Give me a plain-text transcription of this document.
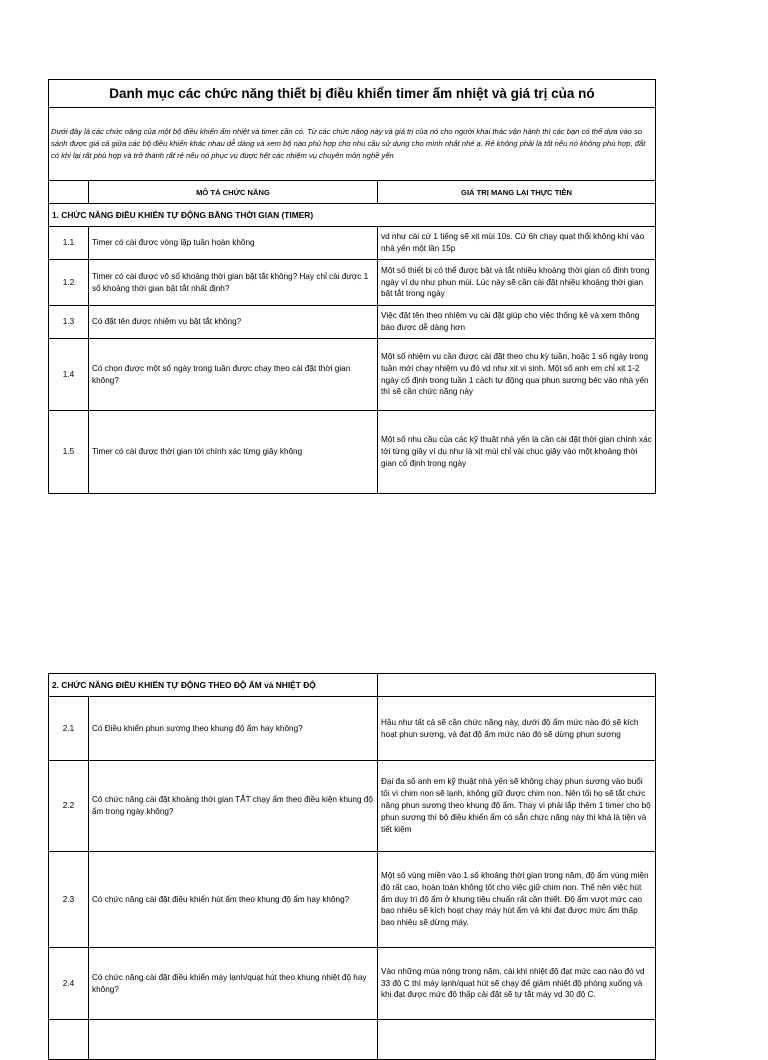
Danh mục các chức năng thiết bị điều khiển timer ấm nhiệt và giá trị của nó		
Dưới đây là các chức năng của một bộ điều khiển ẩm nhiệt và timer cần có. Từ các chức năng này và giá trị của nó cho người khai thác vận hành thì các bạn có thể dựa vào so sánh được giá cả giữa các bộ điều khiển khác nhau dễ dàng và xem bộ nào phù hợp cho nhu cầu sử dụng cho mình nhất nhé ạ. Rẻ không phải là tốt nếu nó không phù hợp, đắt có khi lại rất phù hợp và trở thành rất rẻ nếu nó phục vụ được hết các nhiệm vụ chuyên môn nghề yến		
	MÔ TẢ CHỨC NĂNG	GIÁ TRỊ MANG LẠI THỰC TIỄN
1. CHỨC NĂNG ĐIỀU KHIỂN TỰ ĐỘNG BẰNG THỜI GIAN (TIMER)		
1.1	Timer có cài được vòng lặp tuần hoàn không	vd như cài cứ 1 tiếng sẽ xịt mùi 10s. Cứ 6h chạy quạt thổi không khí vào nhà yến một lần 15p
1.2	Timer có cài được vô số khoảng thời gian bật tắt không? Hay chỉ cài được 1 số khoảng thời gian bật tắt nhất định?	Một số thiết bị có thể được bật và tắt nhiều khoảng thời gian cố định trong ngày ví dụ như phun mùi. Lúc này sẽ cần cài đặt nhiều khoảng thời gian bật tắt trong ngày
1.3	Có đặt tên được nhiệm vụ bật tắt không?	Việc đặt tên theo nhiệm vụ cài đặt giúp cho việc thống kê và xem thông báo được dễ dàng hơn
1.4	Có chọn được một số ngày trong tuần được chạy theo cài đặt thời gian không?	Một số nhiệm vụ cần được cài đặt theo chu kỳ tuần, hoặc 1 số ngày trong tuần mới chạy nhiệm vụ đó vd như xịt vi sinh. Một số anh em chỉ xịt 1-2 ngày cố định trong tuần 1 cách tự động qua phun sương béc vào nhà yến thì sẽ cần chức năng này
1.5	Timer có cài được thời gian tới chính xác từng giây không	Một số nhu cầu của các kỹ thuật nhà yến là cần cài đặt thời gian chính xác tới từng giây ví dụ như là xịt mùi chỉ vài chục giây vào một khoảng thời gian cố định trong ngày
2. CHỨC NĂNG ĐIỀU KHIỂN TỰ ĐỘNG THEO ĐỘ ẨM và NHIỆT ĐỘ		
2.1	Có Điều khiển phun sương theo khung độ ẩm hay không?	Hầu như tất cả sẽ cần chức năng này, dưới độ ẩm mức nào đó sẽ kích hoạt phun sương, và đạt độ ẩm mức nào đó sẽ dừng phun sương
2.2	Có chức năng cài đặt khoảng thời gian TẮT chạy ẩm theo điều kiện khung độ ẩm trong ngày không?	Đại đa số anh em kỹ thuật nhà yến sẽ không chạy phun sương vào buổi tối vì chim non sẽ lạnh, không giữ được chim non. Nên tối họ sẽ tắt chức năng phun sương theo khung độ ẩm. Thay vì phải lắp thêm 1 timer cho bộ phun sương thì bộ điều khiển ẩm có sẵn chức năng này thì khá là tiện và tiết kiệm
2.3	Có chức năng cài đặt điều khiển hút ẩm theo khung độ ẩm hay không?	Một số vùng miền vào 1 số khoảng thời gian trong năm, độ ẩm vùng miền đó rất cao, hoàn toàn không tốt cho việc giữ chim non. Thế nên việc hút ẩm duy trì độ ẩm ở khung tiêu chuẩn rất cần thiết. Độ ẩm vượt mức cao bao nhiêu sẽ kích hoạt chạy máy hút ẩm và khi đạt được mức ẩm thấp bao nhiêu sẽ dừng máy.
2.4	Có chức năng cài đặt điều khiển máy lạnh/quạt hút theo khung nhiệt độ hay không?	Vào những mùa nóng trong năm, cài khi nhiệt độ đạt mức cao nào đó vd 33 độ C thì máy lạnh/quạt hút sẽ chạy để giảm nhiệt độ phòng xuống và khi đạt được mức độ thấp cài đặt sẽ tự tắt máy vd 30 độ C.
